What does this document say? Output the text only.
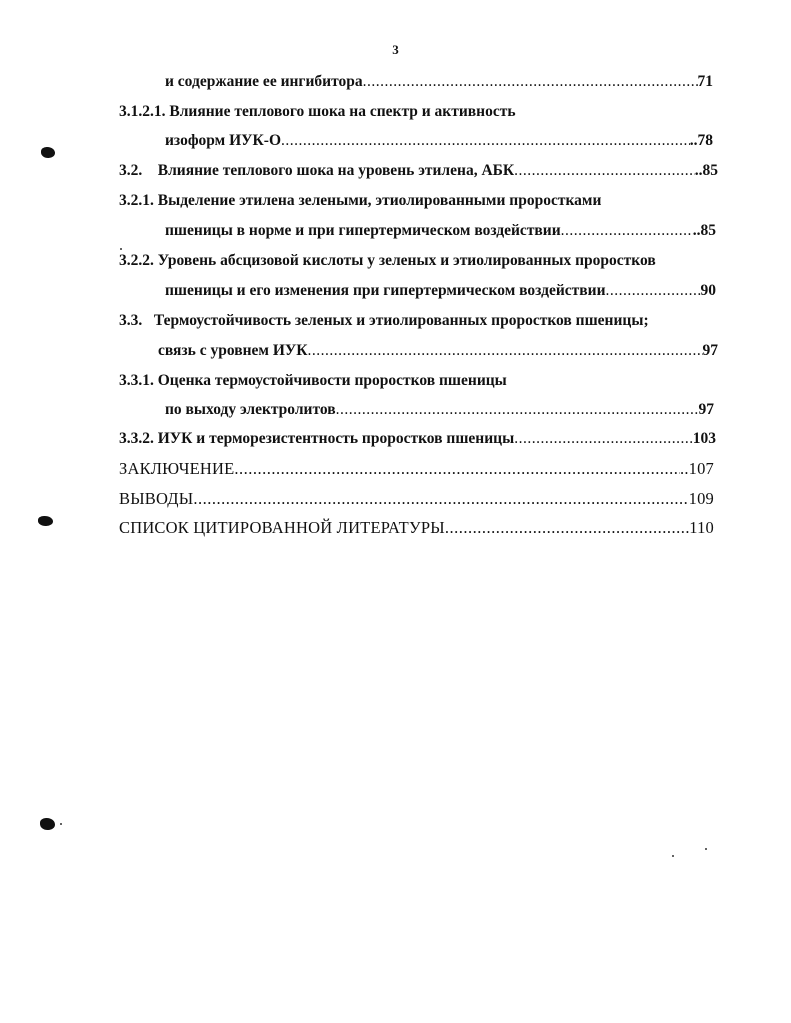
3
и содержание ее ингибитора .....	71
3.1.2.1. Влияние теплового шока на спектр и активность
изоформ ИУК-О .....	..78
3.2.    Влияние теплового шока на уровень этилена, АБК .....	..85
3.2.1. Выделение этилена зелеными, этиолированными проростками
пшеницы в норме и при гипертермическом воздействии .....	..85
3.2.2. Уровень абсцизовой кислоты у зеленых и этиолированных проростков
пшеницы и его изменения при гипертермическом воздействии .....	90
3.3.   Термоустойчивость зеленых и этиолированных проростков пшеницы;
связь с уровнем ИУК .....	97
3.3.1. Оценка термоустойчивости проростков пшеницы
по выходу электролитов .....	97
3.3.2. ИУК и терморезистентность проростков пшеницы .....	103
ЗАКЛЮЧЕНИЕ .....	..107
ВЫВОДЫ .....	109
СПИСОК ЦИТИРОВАННОЙ ЛИТЕРАТУРЫ .....	110
